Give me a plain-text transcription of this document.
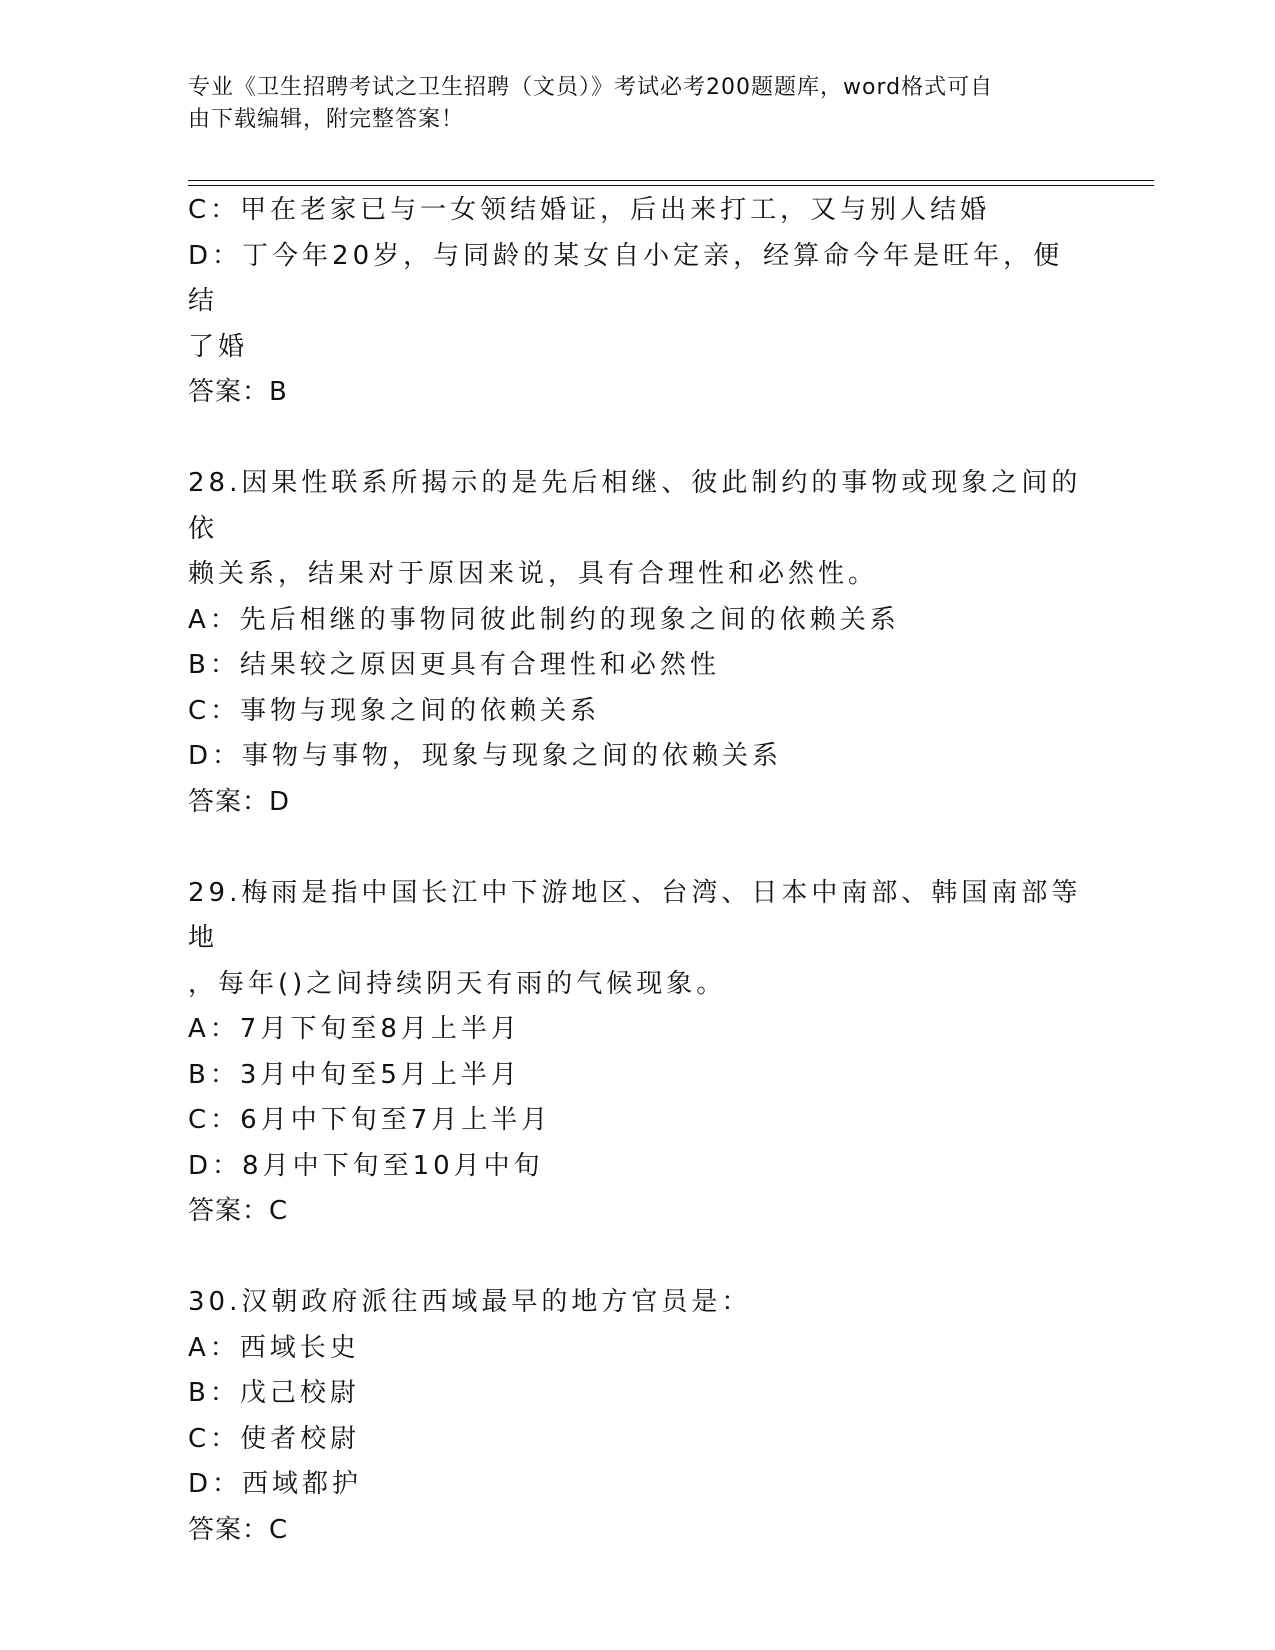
专业《卫生招聘考试之卫生招聘（文员）》考试必考200题题库，word格式可自
由下载编辑，附完整答案！
C：甲在老家已与一女领结婚证，后出来打工，又与别人结婚
D：丁今年20岁，与同龄的某女自小定亲，经算命今年是旺年，便结
了婚
答案：B
28.因果性联系所揭示的是先后相继、彼此制约的事物或现象之间的依
赖关系，结果对于原因来说，具有合理性和必然性。
A：先后相继的事物同彼此制约的现象之间的依赖关系
B：结果较之原因更具有合理性和必然性
C：事物与现象之间的依赖关系
D：事物与事物，现象与现象之间的依赖关系
答案：D
29.梅雨是指中国长江中下游地区、台湾、日本中南部、韩国南部等地
，每年()之间持续阴天有雨的气候现象。
A：7月下旬至8月上半月
B：3月中旬至5月上半月
C：6月中下旬至7月上半月
D：8月中下旬至10月中旬
答案：C
30.汉朝政府派往西域最早的地方官员是：
A：西域长史
B：戊己校尉
C：使者校尉
D：西域都护
答案：C
